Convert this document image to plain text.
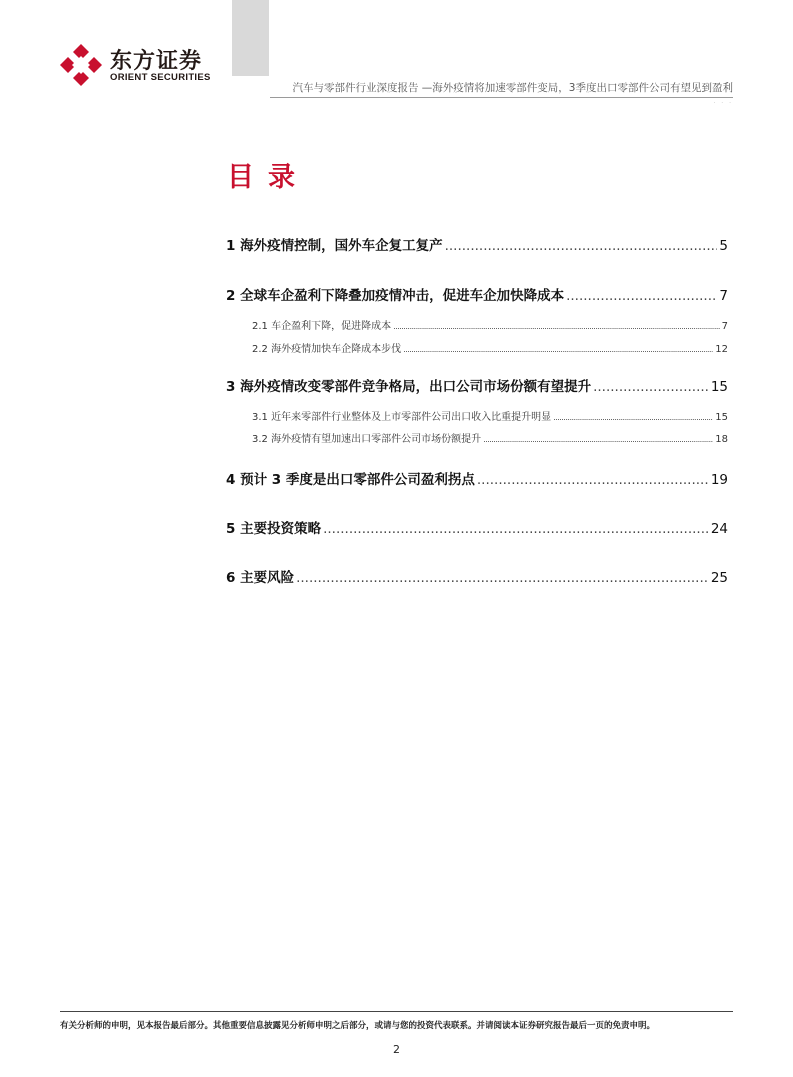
东方证券
ORIENT SECURITIES
汽车与零部件行业深度报告 —海外疫情将加速零部件变局，3季度出口零部件公司有望见到盈利
· · ·
目录
1 海外疫情控制，国外车企复工复产 .....	5
2 全球车企盈利下降叠加疫情冲击，促进车企加快降成本 .....	7
2.1 车企盈利下降，促进降成本 .....	7
2.2 海外疫情加快车企降成本步伐 .....	12
3 海外疫情改变零部件竞争格局，出口公司市场份额有望提升 .....	15
3.1 近年来零部件行业整体及上市零部件公司出口收入比重提升明显 .....	15
3.2 海外疫情有望加速出口零部件公司市场份额提升 .....	18
4 预计 3 季度是出口零部件公司盈利拐点 .....	19
5 主要投资策略 .....	24
6 主要风险 .....	25
有关分析师的申明，见本报告最后部分。其他重要信息披露见分析师申明之后部分，或请与您的投资代表联系。并请阅读本证券研究报告最后一页的免责申明。
2
